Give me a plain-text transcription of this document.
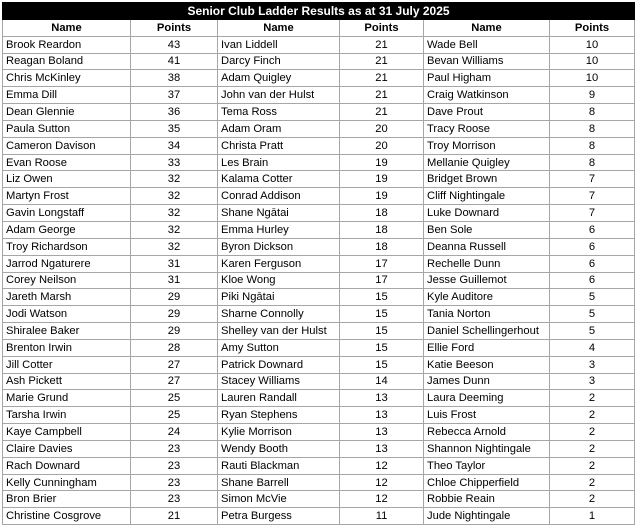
Senior Club Ladder Results as at 31 July 2025					
Name	Points	Name	Points	Name	Points
Brook Reardon	43	Ivan Liddell	21	Wade Bell	10
Reagan Boland	41	Darcy Finch	21	Bevan Williams	10
Chris McKinley	38	Adam Quigley	21	Paul Higham	10
Emma Dill	37	John van der Hulst	21	Craig Watkinson	9
Dean Glennie	36	Tema Ross	21	Dave Prout	8
Paula Sutton	35	Adam Oram	20	Tracy Roose	8
Cameron Davison	34	Christa Pratt	20	Troy Morrison	8
Evan Roose	33	Les Brain	19	Mellanie Quigley	8
Liz Owen	32	Kalama Cotter	19	Bridget Brown	7
Martyn Frost	32	Conrad Addison	19	Cliff Nightingale	7
Gavin Longstaff	32	Shane Ngātai	18	Luke Downard	7
Adam George	32	Emma Hurley	18	Ben Sole	6
Troy Richardson	32	Byron Dickson	18	Deanna Russell	6
Jarrod Ngaturere	31	Karen Ferguson	17	Rechelle Dunn	6
Corey Neilson	31	Kloe Wong	17	Jesse Guillemot	6
Jareth Marsh	29	Piki Ngātai	15	Kyle Auditore	5
Jodi Watson	29	Sharne Connolly	15	Tania Norton	5
Shiralee Baker	29	Shelley van der Hulst	15	Daniel Schellingerhout	5
Brenton Irwin	28	Amy Sutton	15	Ellie Ford	4
Jill Cotter	27	Patrick Downard	15	Katie Beeson	3
Ash Pickett	27	Stacey Williams	14	James Dunn	3
Marie Grund	25	Lauren Randall	13	Laura Deeming	2
Tarsha Irwin	25	Ryan Stephens	13	Luis Frost	2
Kaye Campbell	24	Kylie Morrison	13	Rebecca Arnold	2
Claire Davies	23	Wendy Booth	13	Shannon Nightingale	2
Rach Downard	23	Rauti Blackman	12	Theo Taylor	2
Kelly Cunningham	23	Shane Barrell	12	Chloe Chipperfield	2
Bron Brier	23	Simon McVie	12	Robbie Reain	2
Christine Cosgrove	21	Petra Burgess	11	Jude Nightingale	1
